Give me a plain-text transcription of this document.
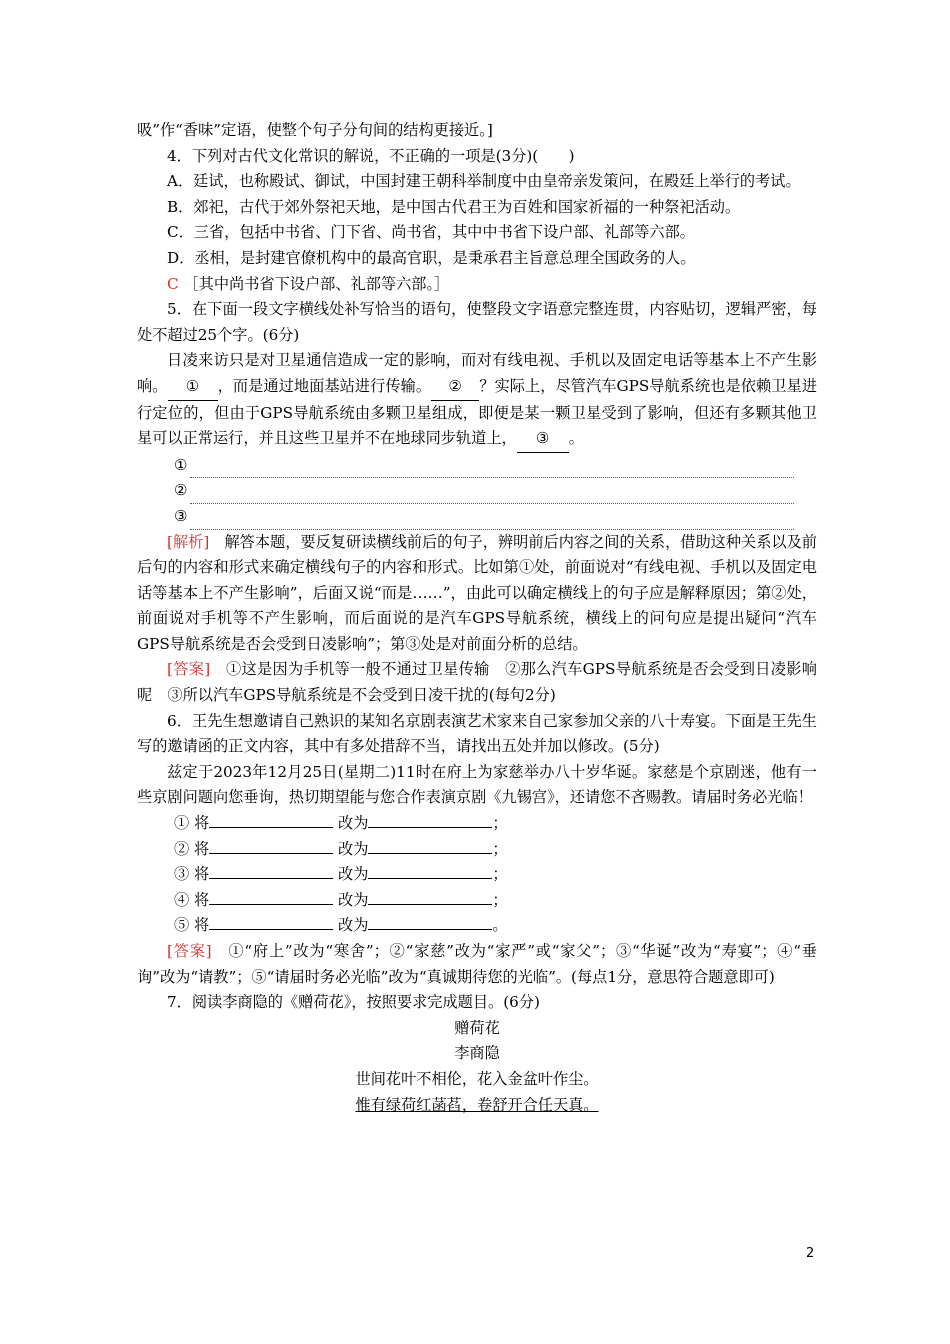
吸”作“香味”定语，使整个句子分句间的结构更接近。]

4．下列对古代文化常识的解说，不正确的一项是(3分)(　　)

A．廷试，也称殿试、御试，中国封建王朝科举制度中由皇帝亲发策问，在殿廷上举行的考试。

B．郊祀，古代于郊外祭祀天地，是中国古代君王为百姓和国家祈福的一种祭祀活动。

C．三省，包括中书省、门下省、尚书省，其中中书省下设户部、礼部等六部。

D．丞相，是封建官僚机构中的最高官职，是秉承君主旨意总理全国政务的人。

C ［其中尚书省下设户部、礼部等六部。］

5．在下面一段文字横线处补写恰当的语句，使整段文字语意完整连贯，内容贴切，逻辑严密，每处不超过25个字。(6分)

日凌来访只是对卫星通信造成一定的影响，而对有线电视、手机以及固定电话等基本上不产生影响。 ① ，而是通过地面基站进行传输。 ② ？实际上，尽管汽车GPS导航系统也是依赖卫星进行定位的，但由于GPS导航系统由多颗卫星组成，即便是某一颗卫星受到了影响，但还有多颗其他卫星可以正常运行，并且这些卫星并不在地球同步轨道上， ③ 。

①
②
③

[解析]　解答本题，要反复研读横线前后的句子，辨明前后内容之间的关系，借助这种关系以及前后句的内容和形式来确定横线句子的内容和形式。比如第①处，前面说对“有线电视、手机以及固定电话等基本上不产生影响”，后面又说“而是……”，由此可以确定横线上的句子应是解释原因；第②处，前面说对手机等不产生影响，而后面说的是汽车GPS导航系统，横线上的问句应是提出疑问“汽车GPS导航系统是否会受到日凌影响”；第③处是对前面分析的总结。

[答案]　①这是因为手机等一般不通过卫星传输　②那么汽车GPS导航系统是否会受到日凌影响呢　③所以汽车GPS导航系统是不会受到日凌干扰的(每句2分)

6．王先生想邀请自己熟识的某知名京剧表演艺术家来自己家参加父亲的八十寿宴。下面是王先生写的邀请函的正文内容，其中有多处措辞不当，请找出五处并加以修改。(5分)

兹定于2023年12月25日(星期二)11时在府上为家慈举办八十岁华诞。家慈是个京剧迷，他有一些京剧问题向您垂询，热切期望能与您合作表演京剧《九锡宫》，还请您不吝赐教。请届时务必光临！

① 将	改为	；
② 将	改为	；
③ 将	改为	；
④ 将	改为	；
⑤ 将	改为	。

[答案]　①“府上”改为“寒舍”；②“家慈”改为“家严”或“家父”；③“华诞”改为“寿宴”；④“垂询”改为“请教”；⑤“请届时务必光临”改为“真诚期待您的光临”。(每点1分，意思符合题意即可)

7．阅读李商隐的《赠荷花》，按照要求完成题目。(6分)

赠荷花

李商隐

世间花叶不相伦，花入金盆叶作尘。

惟有绿荷红菡萏，卷舒开合任天真。

2
